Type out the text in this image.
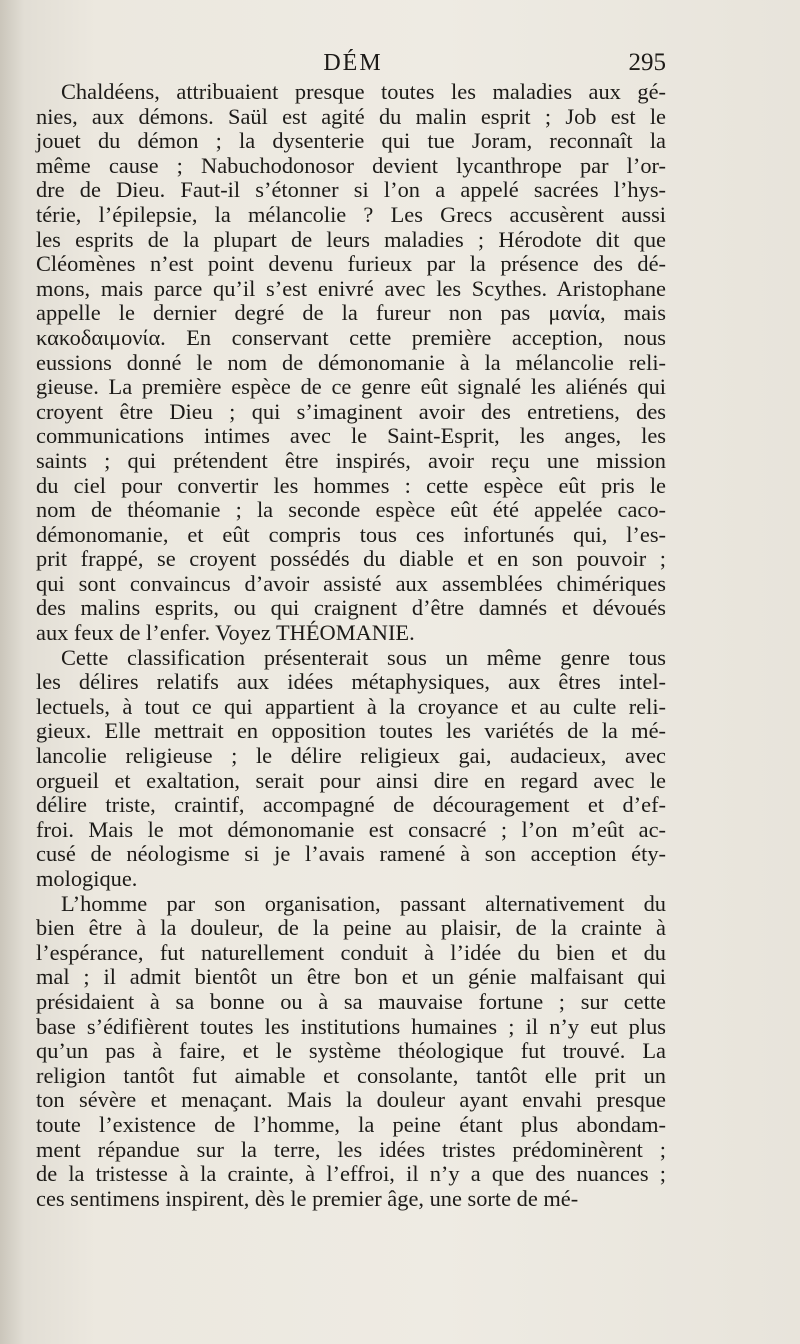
DÉM	295
Chaldéens, attribuaient presque toutes les maladies aux gé-
nies, aux démons. Saül est agité du malin esprit ; Job est le
jouet du démon ; la dysenterie qui tue Joram, reconnaît la
même cause ; Nabuchodonosor devient lycanthrope par l’or-
dre de Dieu. Faut-il s’étonner si l’on a appelé sacrées l’hys-
térie, l’épilepsie, la mélancolie ? Les Grecs accusèrent aussi
les esprits de la plupart de leurs maladies ; Hérodote dit que
Cléomènes n’est point devenu furieux par la présence des dé-
mons, mais parce qu’il s’est enivré avec les Scythes. Aristophane
appelle le dernier degré de la fureur non pas μανία, mais
κακοδαιμονία. En conservant cette première acception, nous
eussions donné le nom de démonomanie à la mélancolie reli-
gieuse. La première espèce de ce genre eût signalé les aliénés qui
croyent être Dieu ; qui s’imaginent avoir des entretiens, des
communications intimes avec le Saint-Esprit, les anges, les
saints ; qui prétendent être inspirés, avoir reçu une mission
du ciel pour convertir les hommes : cette espèce eût pris le
nom de théomanie ; la seconde espèce eût été appelée caco-
démonomanie, et eût compris tous ces infortunés qui, l’es-
prit frappé, se croyent possédés du diable et en son pouvoir ;
qui sont convaincus d’avoir assisté aux assemblées chimériques
des malins esprits, ou qui craignent d’être damnés et dévoués
aux feux de l’enfer. Voyez THÉOMANIE.
Cette classification présenterait sous un même genre tous
les délires relatifs aux idées métaphysiques, aux êtres intel-
lectuels, à tout ce qui appartient à la croyance et au culte reli-
gieux. Elle mettrait en opposition toutes les variétés de la mé-
lancolie religieuse ; le délire religieux gai, audacieux, avec
orgueil et exaltation, serait pour ainsi dire en regard avec le
délire triste, craintif, accompagné de découragement et d’ef-
froi. Mais le mot démonomanie est consacré ; l’on m’eût ac-
cusé de néologisme si je l’avais ramené à son acception éty-
mologique.
L’homme par son organisation, passant alternativement du
bien être à la douleur, de la peine au plaisir, de la crainte à
l’espérance, fut naturellement conduit à l’idée du bien et du
mal ; il admit bientôt un être bon et un génie malfaisant qui
présidaient à sa bonne ou à sa mauvaise fortune ; sur cette
base s’édifièrent toutes les institutions humaines ; il n’y eut plus
qu’un pas à faire, et le système théologique fut trouvé. La
religion tantôt fut aimable et consolante, tantôt elle prit un
ton sévère et menaçant. Mais la douleur ayant envahi presque
toute l’existence de l’homme, la peine étant plus abondam-
ment répandue sur la terre, les idées tristes prédominèrent ;
de la tristesse à la crainte, à l’effroi, il n’y a que des nuances ;
ces sentimens inspirent, dès le premier âge, une sorte de mé-
